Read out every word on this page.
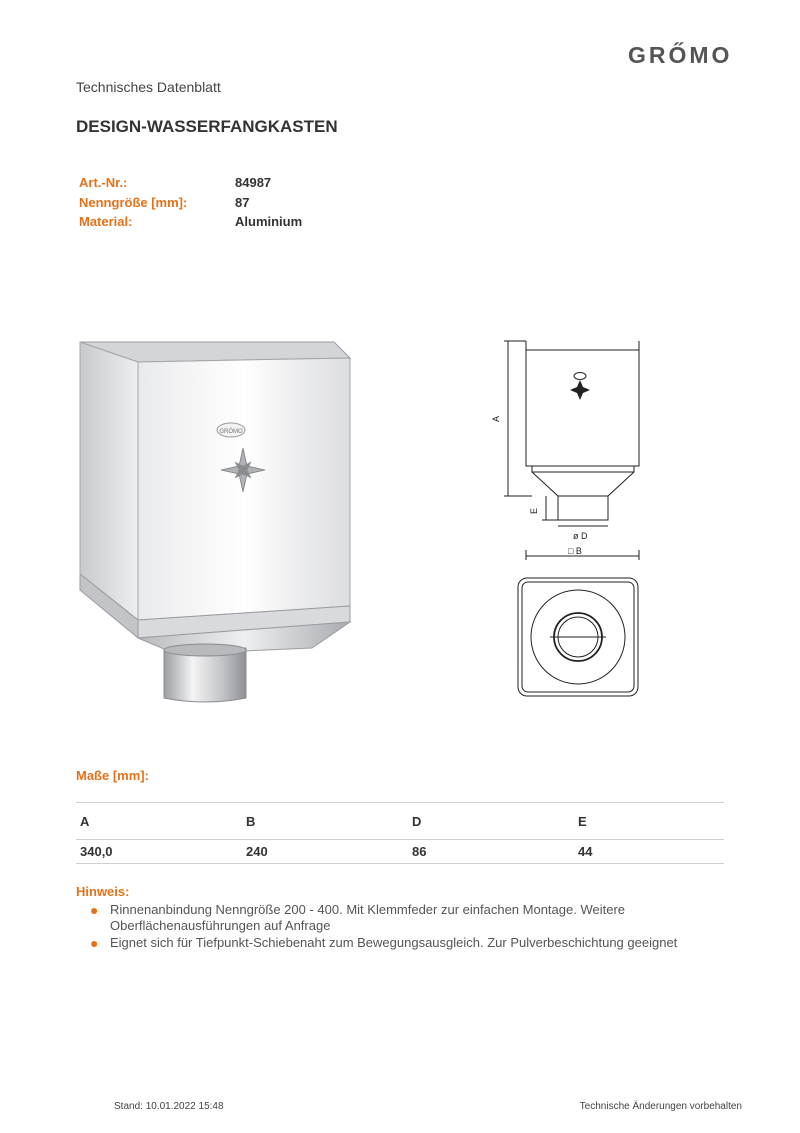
GRŐMO
Technisches Datenblatt
DESIGN-WASSERFANGKASTEN
Art.-Nr.:	84987
Nenngröße [mm]:	87
Material:	Aluminium
GRÖMO
A
E
ø D
□ B
Maße [mm]:
A	B	D	E
340,0	240	86	44
Hinweis:
● Rinnenanbindung Nenngröße 200 - 400. Mit Klemmfeder zur einfachen Montage. Weitere Oberflächenausführungen auf Anfrage
● Eignet sich für Tiefpunkt-Schiebenaht zum Bewegungsausgleich. Zur Pulverbeschichtung geeignet
Stand: 10.01.2022 15:48	Technische Änderungen vorbehalten
